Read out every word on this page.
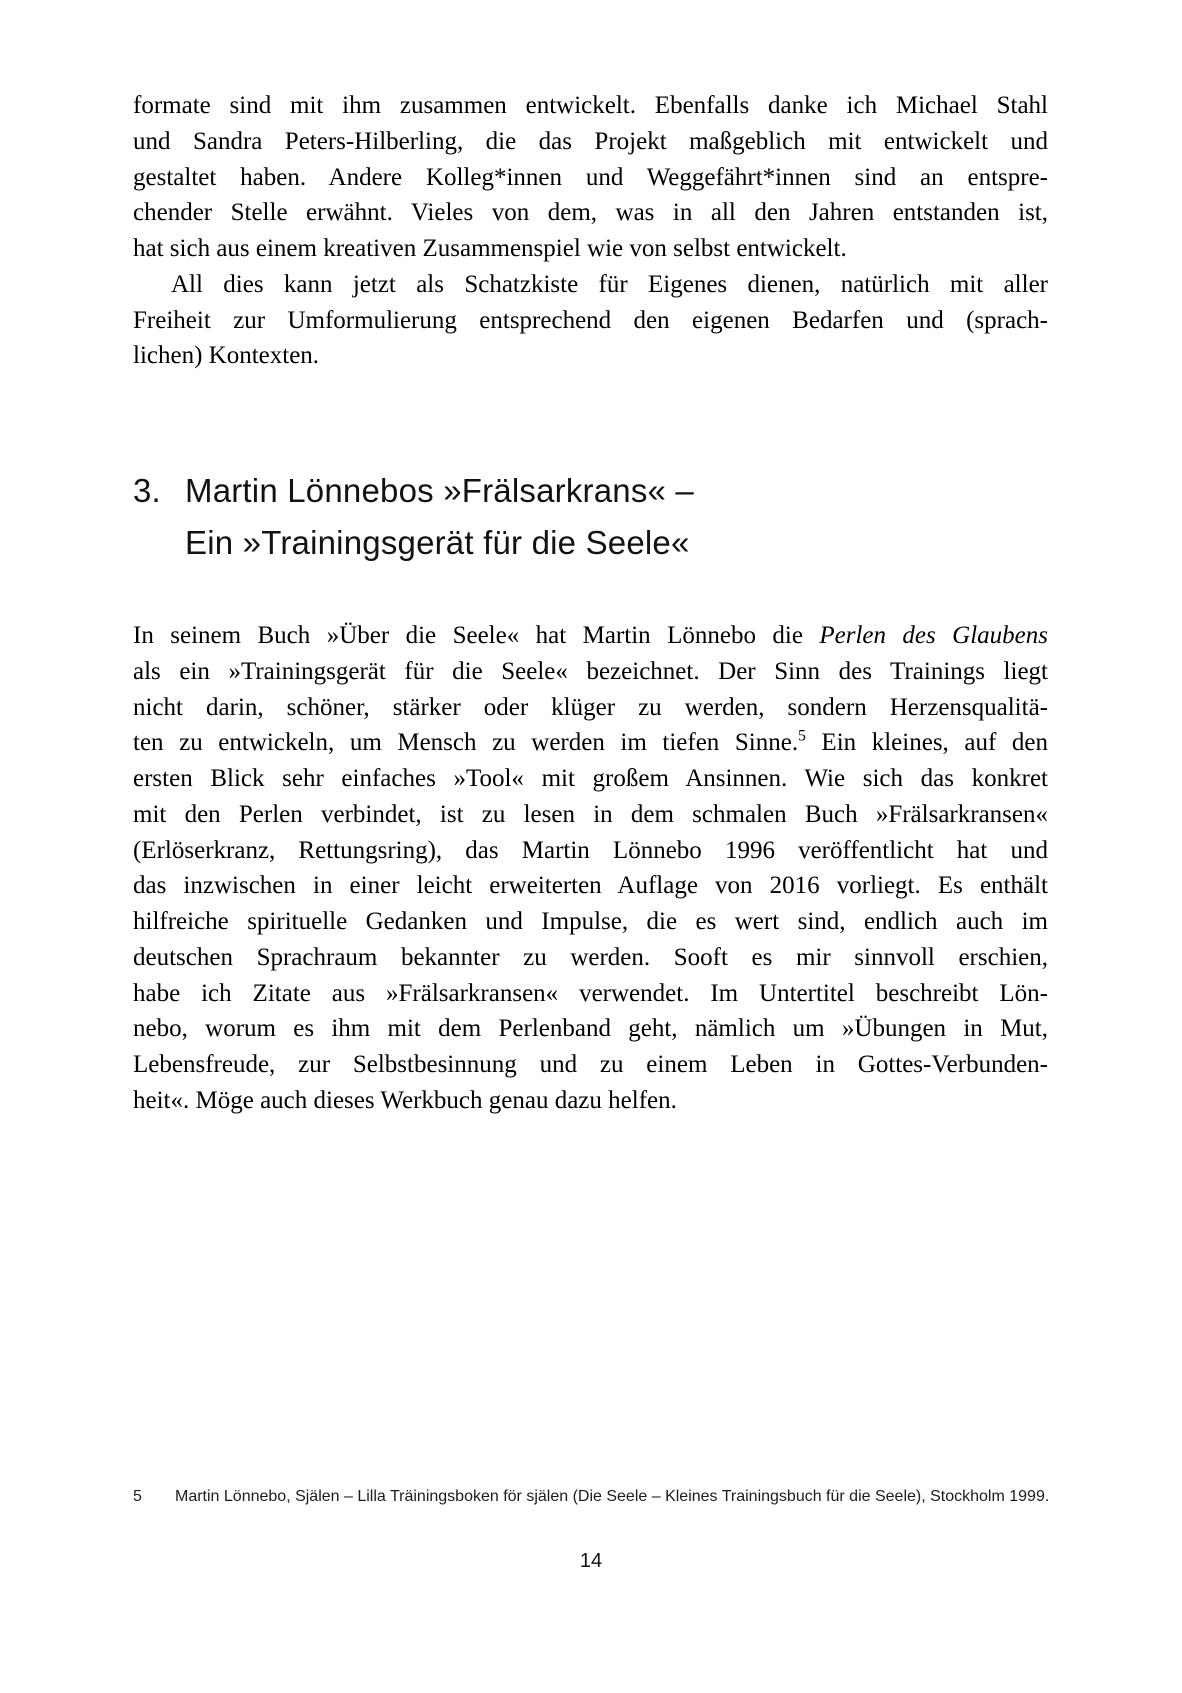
formate sind mit ihm zusammen entwickelt. Ebenfalls danke ich Michael Stahl
und Sandra Peters-Hilberling, die das Projekt maßgeblich mit entwickelt und
gestaltet haben. Andere Kolleg*innen und Weggefährt*innen sind an entspre-
chender Stelle erwähnt. Vieles von dem, was in all den Jahren entstanden ist,
hat sich aus einem kreativen Zusammenspiel wie von selbst entwickelt.
All dies kann jetzt als Schatzkiste für Eigenes dienen, natürlich mit aller
Freiheit zur Umformulierung entsprechend den eigenen Bedarfen und (sprach-
lichen) Kontexten.
3. Martin Lönnebos »Frälsarkrans« –
Ein »Trainingsgerät für die Seele«
In seinem Buch »Über die Seele« hat Martin Lönnebo die Perlen des Glaubens
als ein »Trainingsgerät für die Seele« bezeichnet. Der Sinn des Trainings liegt
nicht darin, schöner, stärker oder klüger zu werden, sondern Herzensqualitä-
ten zu entwickeln, um Mensch zu werden im tiefen Sinne.$^5$ Ein kleines, auf den
ersten Blick sehr einfaches »Tool« mit großem Ansinnen. Wie sich das konkret
mit den Perlen verbindet, ist zu lesen in dem schmalen Buch »Frälsarkransen«
(Erlöserkranz, Rettungsring), das Martin Lönnebo 1996 veröffentlicht hat und
das inzwischen in einer leicht erweiterten Auflage von 2016 vorliegt. Es enthält
hilfreiche spirituelle Gedanken und Impulse, die es wert sind, endlich auch im
deutschen Sprachraum bekannter zu werden. Sooft es mir sinnvoll erschien,
habe ich Zitate aus »Frälsarkransen« verwendet. Im Untertitel beschreibt Lön-
nebo, worum es ihm mit dem Perlenband geht, nämlich um »Übungen in Mut,
Lebensfreude, zur Selbstbesinnung und zu einem Leben in Gottes-Verbunden-
heit«. Möge auch dieses Werkbuch genau dazu helfen.
5	Martin Lönnebo, Själen – Lilla Träiningsboken för själen (Die Seele – Kleines Trainingsbuch für die Seele), Stockholm 1999.
14
